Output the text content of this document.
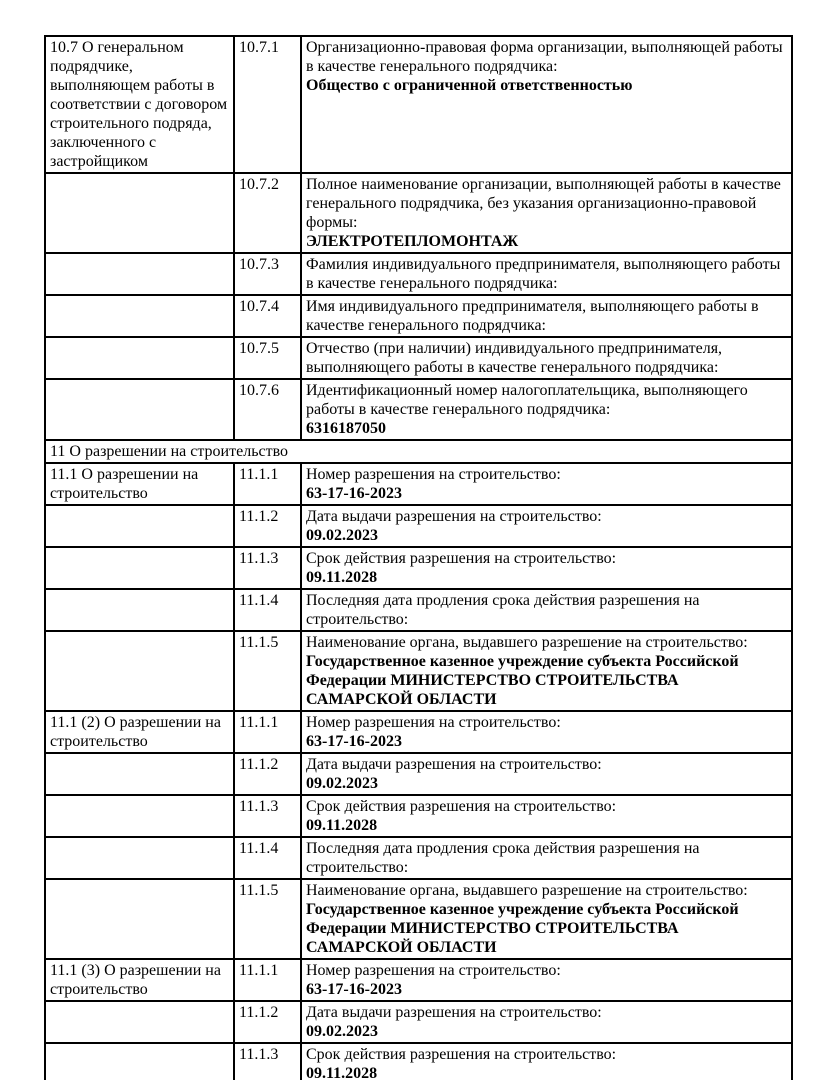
10.7 О генеральном подрядчике, выполняющем работы в соответствии с договором строительного подряда, заключенного с застройщиком	10.7.1	Организационно-правовая форма организации, выполняющей работы в качестве генерального подрядчика:
Общество с ограниченной ответственностью

	10.7.2	Полное наименование организации, выполняющей работы в качестве генерального подрядчика, без указания организационно-правовой формы:
ЭЛЕКТРОТЕПЛОМОНТАЖ

	10.7.3	Фамилия индивидуального предпринимателя, выполняющего работы в качестве генерального подрядчика:

	10.7.4	Имя индивидуального предпринимателя, выполняющего работы в качестве генерального подрядчика:

	10.7.5	Отчество (при наличии) индивидуального предпринимателя, выполняющего работы в качестве генерального подрядчика:

	10.7.6	Идентификационный номер налогоплательщика, выполняющего работы в качестве генерального подрядчика:
6316187050

11 О разрешении на строительство		
11.1 О разрешении на строительство	11.1.1	Номер разрешения на строительство:
63-17-16-2023

	11.1.2	Дата выдачи разрешения на строительство:
09.02.2023

	11.1.3	Срок действия разрешения на строительство:
09.11.2028

	11.1.4	Последняя дата продления срока действия разрешения на строительство:

	11.1.5	Наименование органа, выдавшего разрешение на строительство:
Государственное казенное учреждение субъекта Российской Федерации МИНИСТЕРСТВО СТРОИТЕЛЬСТВА САМАРСКОЙ ОБЛАСТИ

11.1 (2) О разрешении на строительство	11.1.1	Номер разрешения на строительство:
63-17-16-2023

	11.1.2	Дата выдачи разрешения на строительство:
09.02.2023

	11.1.3	Срок действия разрешения на строительство:
09.11.2028

	11.1.4	Последняя дата продления срока действия разрешения на строительство:

	11.1.5	Наименование органа, выдавшего разрешение на строительство:
Государственное казенное учреждение субъекта Российской Федерации МИНИСТЕРСТВО СТРОИТЕЛЬСТВА САМАРСКОЙ ОБЛАСТИ

11.1 (3) О разрешении на строительство	11.1.1	Номер разрешения на строительство:
63-17-16-2023

	11.1.2	Дата выдачи разрешения на строительство:
09.02.2023

	11.1.3	Срок действия разрешения на строительство:
09.11.2028
